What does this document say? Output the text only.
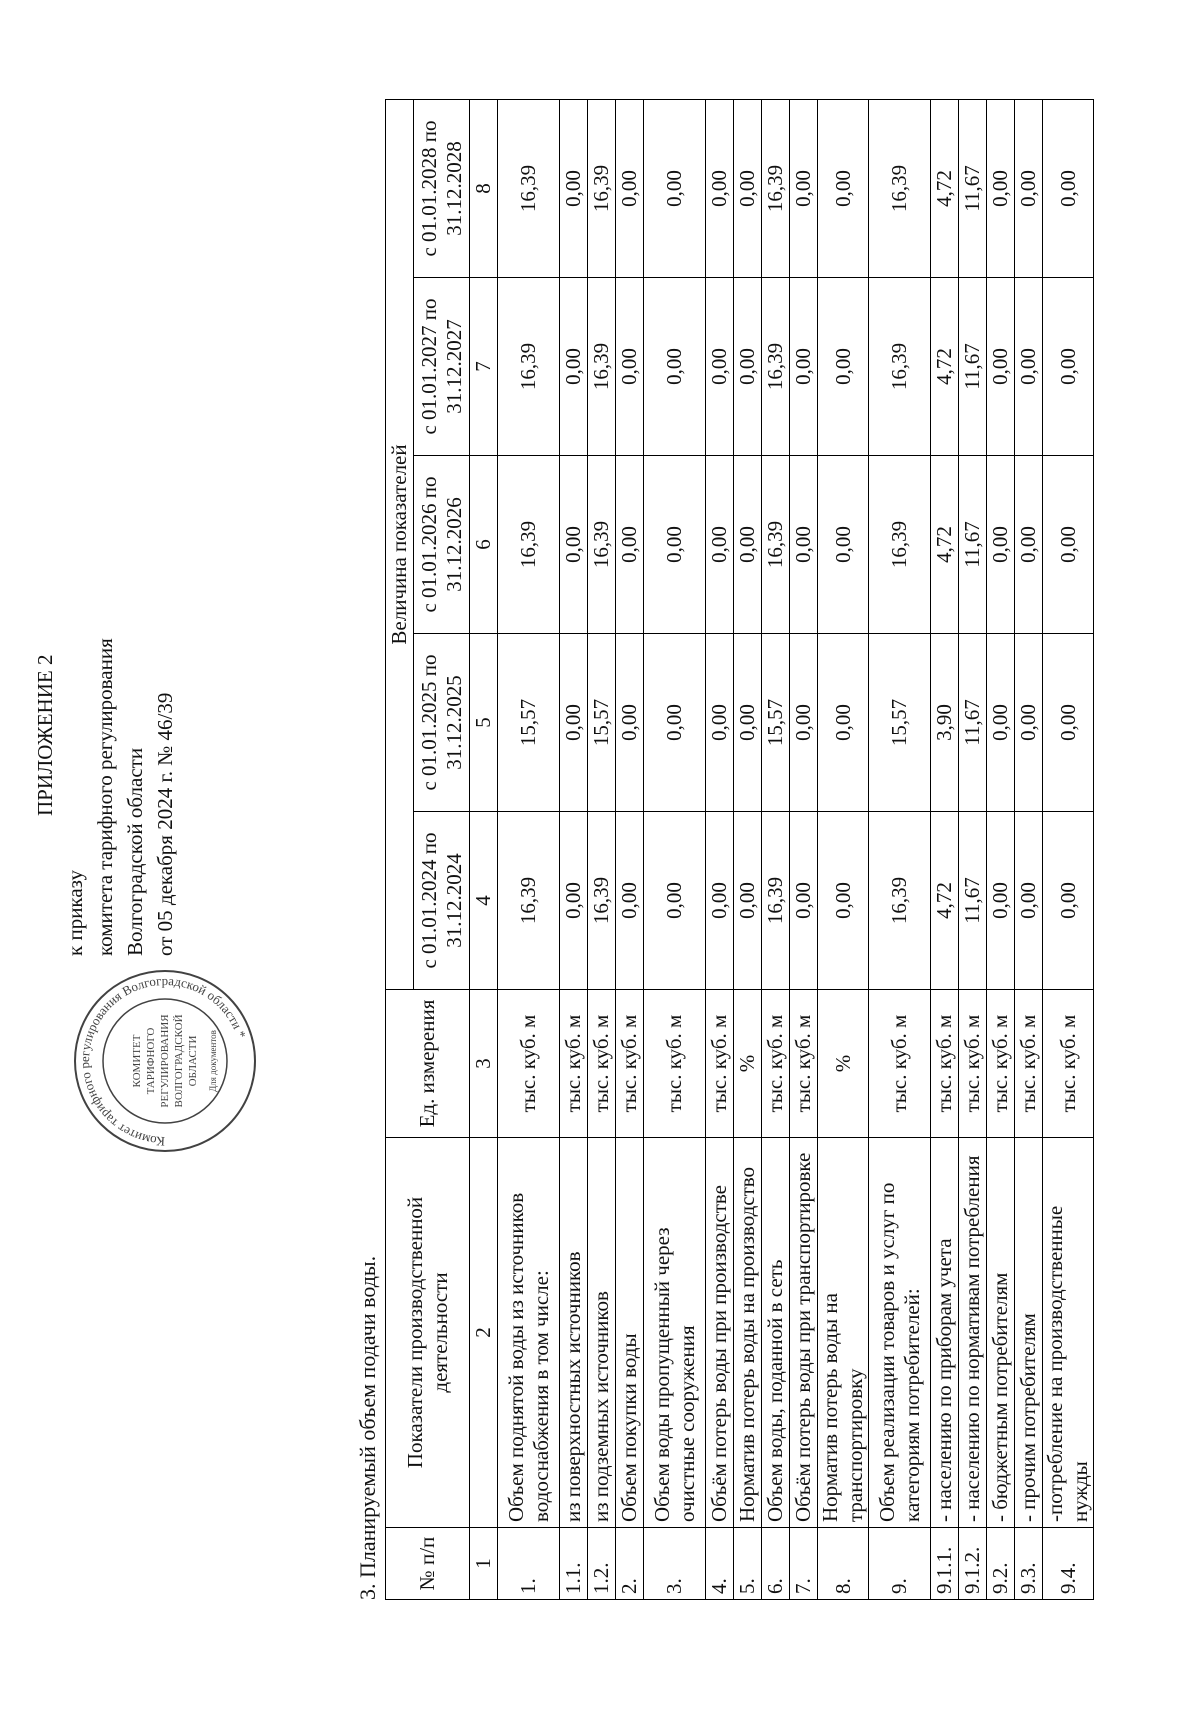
ПРИЛОЖЕНИЕ 2
к приказу комитета тарифного регулирования Волгоградской области от 05 декабря 2024 г. № 46/39
Комитет тарифного регулирования Волгоградской области *
КОМИТЕТ ТАРИФНОГО РЕГУЛИРОВАНИЯ ВОЛГОГРАДСКОЙ ОБЛАСТИ Для документов
3. Планируемый объем подачи воды. № п/п	Показатели производственной деятельности	Ед. измерения	Величина показателей				
			с 01.01.2024 по 31.12.2024	с 01.01.2025 по 31.12.2025	с 01.01.2026 по 31.12.2026	с 01.01.2027 по 31.12.2027	с 01.01.2028 по 31.12.2028
1	2	3	4	5	6	7	8
1.	Объем поднятой воды из источников водоснабжения в том числе:	тыс. куб. м	16,39	15,57	16,39	16,39	16,39
1.1.	из поверхностных источников	тыс. куб. м	0,00	0,00	0,00	0,00	0,00
1.2.	из подземных источников	тыс. куб. м	16,39	15,57	16,39	16,39	16,39
2.	Объем покупки воды	тыс. куб. м	0,00	0,00	0,00	0,00	0,00
3.	Объем воды пропущенный через очистные сооружения	тыс. куб. м	0,00	0,00	0,00	0,00	0,00
4.	Объём потерь воды при производстве	тыс. куб. м	0,00	0,00	0,00	0,00	0,00
5.	Норматив потерь воды на производство	%	0,00	0,00	0,00	0,00	0,00
6.	Объем воды, поданной в сеть	тыс. куб. м	16,39	15,57	16,39	16,39	16,39
7.	Объём потерь воды при транспортировке	тыс. куб. м	0,00	0,00	0,00	0,00	0,00
8.	Норматив потерь воды на транспортировку	%	0,00	0,00	0,00	0,00	0,00
9.	Объем реализации товаров и услуг по категориям потребителей:	тыс. куб. м	16,39	15,57	16,39	16,39	16,39
9.1.1.	- населению по приборам учета	тыс. куб. м	4,72	3,90	4,72	4,72	4,72
9.1.2.	- населению по нормативам потребления	тыс. куб. м	11,67	11,67	11,67	11,67	11,67
9.2.	- бюджетным потребителям	тыс. куб. м	0,00	0,00	0,00	0,00	0,00
9.3.	- прочим потребителям	тыс. куб. м	0,00	0,00	0,00	0,00	0,00
9.4.	-потребление на производственные нужды	тыс. куб. м	0,00	0,00	0,00	0,00	0,00
